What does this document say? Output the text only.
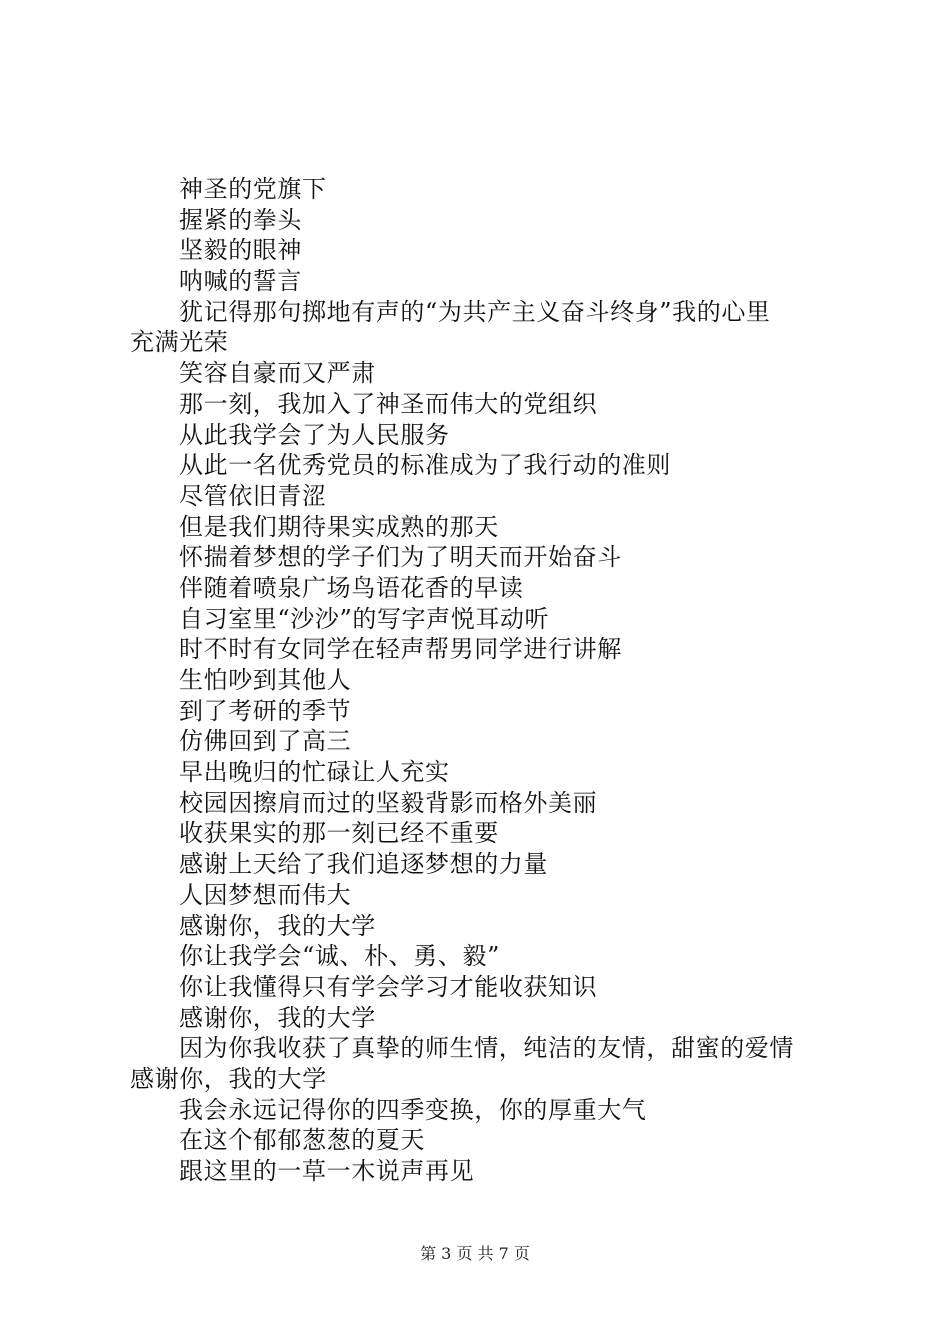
神圣的党旗下
握紧的拳头
坚毅的眼神
呐喊的誓言
犹记得那句掷地有声的“为共产主义奋斗终身”我的心里
充满光荣
笑容自豪而又严肃
那一刻，我加入了神圣而伟大的党组织
从此我学会了为人民服务
从此一名优秀党员的标准成为了我行动的准则
尽管依旧青涩
但是我们期待果实成熟的那天
怀揣着梦想的学子们为了明天而开始奋斗
伴随着喷泉广场鸟语花香的早读
自习室里“沙沙”的写字声悦耳动听
时不时有女同学在轻声帮男同学进行讲解
生怕吵到其他人
到了考研的季节
仿佛回到了高三
早出晚归的忙碌让人充实
校园因擦肩而过的坚毅背影而格外美丽
收获果实的那一刻已经不重要
感谢上天给了我们追逐梦想的力量
人因梦想而伟大
感谢你，我的大学
你让我学会“诚、朴、勇、毅”
你让我懂得只有学会学习才能收获知识
感谢你，我的大学
因为你我收获了真挚的师生情，纯洁的友情，甜蜜的爱情
感谢你，我的大学
我会永远记得你的四季变换，你的厚重大气
在这个郁郁葱葱的夏天
跟这里的一草一木说声再见
第 3 页 共 7 页
